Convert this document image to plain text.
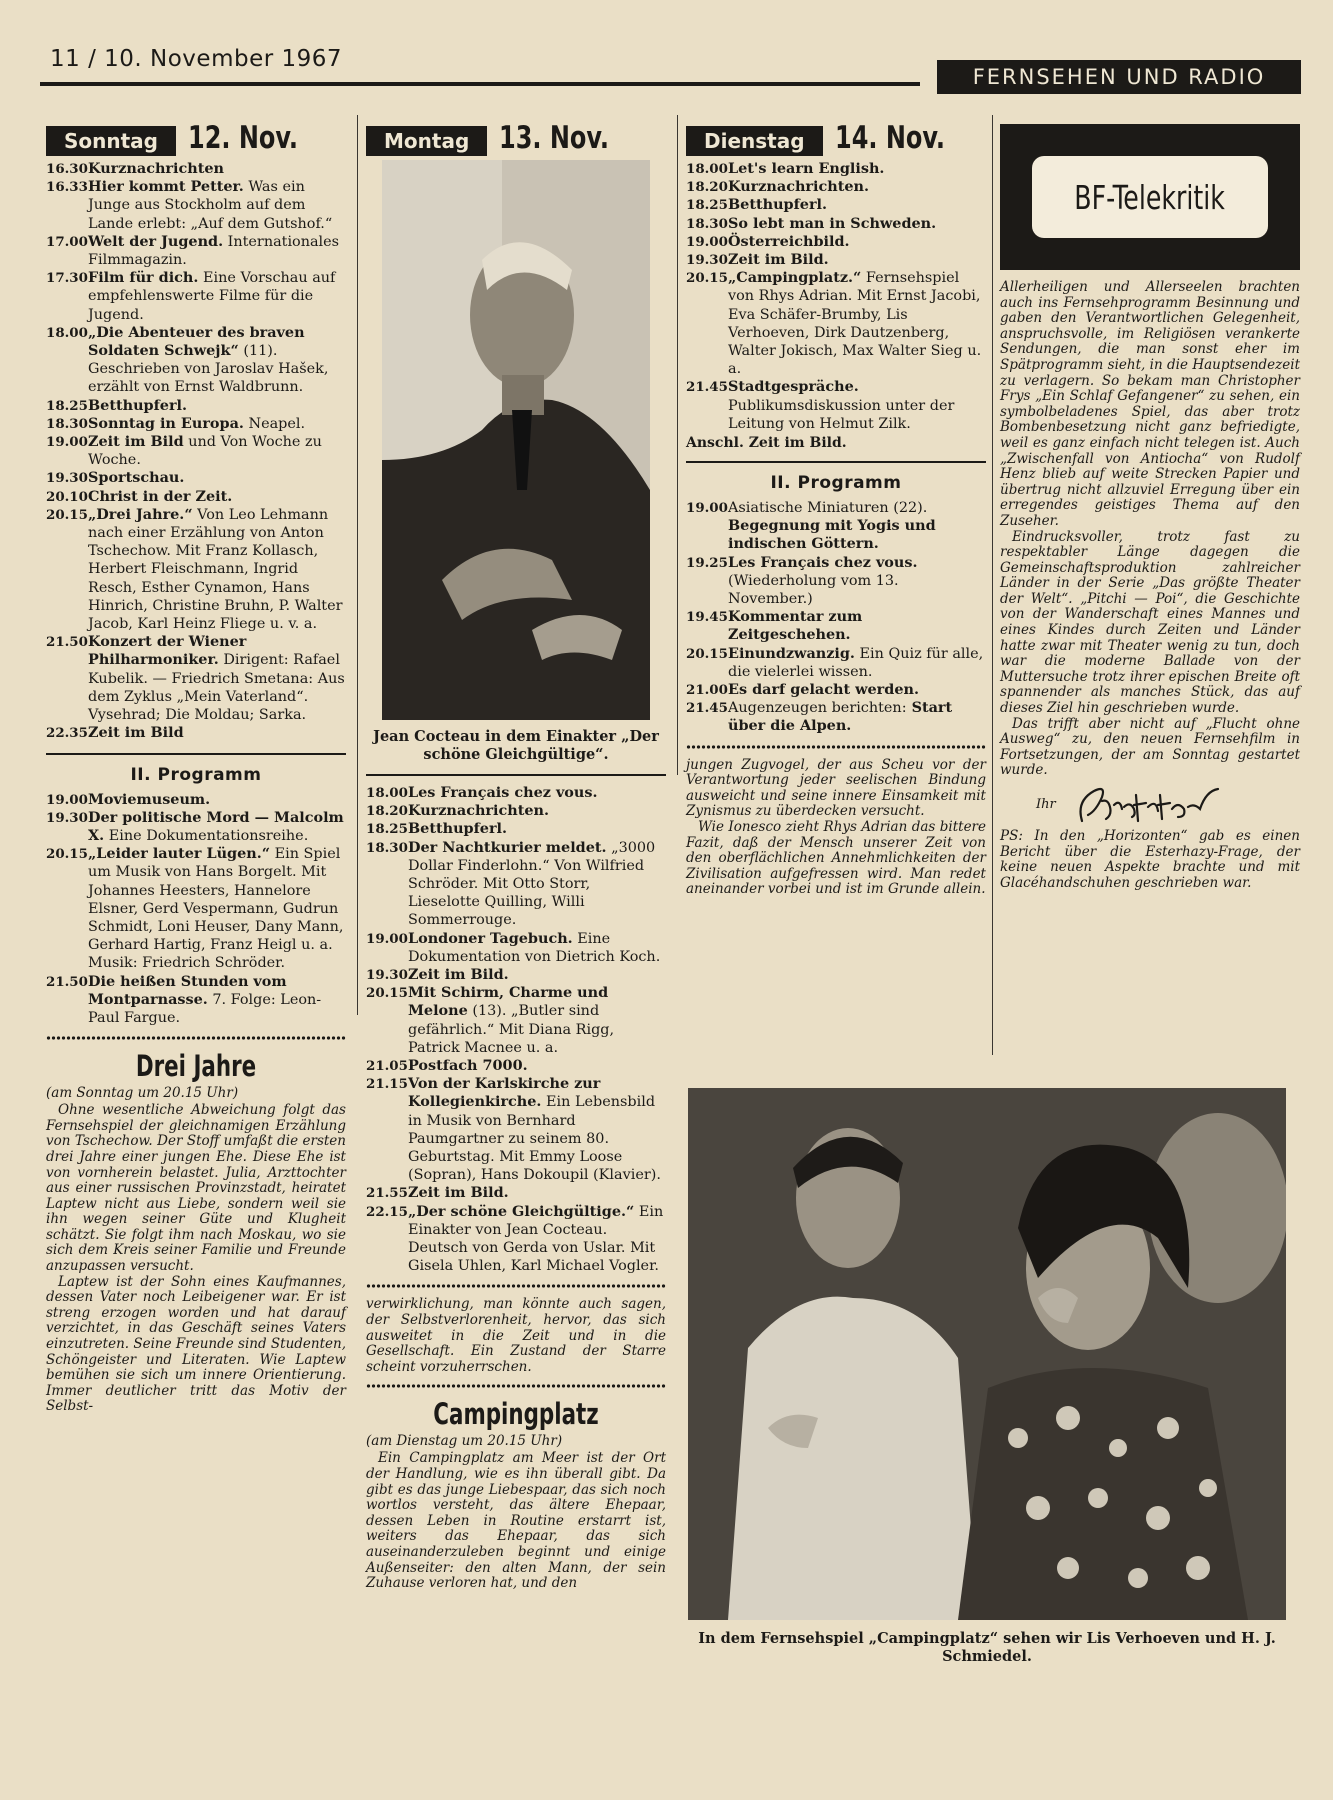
11 / 10. November 1967
FERNSEHEN UND RADIO
Sonntag 12. Nov.
16.30 Kurznachrichten
16.33 Hier kommt Petter. Was ein Junge aus Stockholm auf dem Lande erlebt: „Auf dem Gutshof.“
17.00 Welt der Jugend. Internationales Filmmagazin.
17.30 Film für dich. Eine Vorschau auf empfehlenswerte Filme für die Jugend.
18.00 „Die Abenteuer des braven Soldaten Schwejk“ (11). Geschrieben von Jaroslav Hašek, erzählt von Ernst Waldbrunn.
18.25 Betthupferl.
18.30 Sonntag in Europa. Neapel.
19.00 Zeit im Bild und Von Woche zu Woche.
19.30 Sportschau.
20.10 Christ in der Zeit.
20.15 „Drei Jahre.“ Von Leo Lehmann nach einer Erzählung von Anton Tschechow. Mit Franz Kollasch, Herbert Fleischmann, Ingrid Resch, Esther Cynamon, Hans Hinrich, Christine Bruhn, P. Walter Jacob, Karl Heinz Fliege u. v. a.
21.50 Konzert der Wiener Philharmoniker. Dirigent: Rafael Kubelik. — Friedrich Smetana: Aus dem Zyklus „Mein Vaterland“. Vysehrad; Die Moldau; Sarka.
22.35 Zeit im Bild
II. Programm
19.00 Moviemuseum.
19.30 Der politische Mord — Malcolm X. Eine Dokumentationsreihe.
20.15 „Leider lauter Lügen.“ Ein Spiel um Musik von Hans Borgelt. Mit Johannes Heesters, Hannelore Elsner, Gerd Vespermann, Gudrun Schmidt, Loni Heuser, Dany Mann, Gerhard Hartig, Franz Heigl u. a. Musik: Friedrich Schröder.
21.50 Die heißen Stunden vom Montparnasse. 7. Folge: Leon-Paul Fargue.
Drei Jahre
(am Sonntag um 20.15 Uhr)

Ohne wesentliche Abweichung folgt das Fernsehspiel der gleichnamigen Erzählung von Tschechow. Der Stoff umfaßt die ersten drei Jahre einer jungen Ehe. Diese Ehe ist von vornherein belastet. Julia, Arzttochter aus einer russischen Provinzstadt, heiratet Laptew nicht aus Liebe, sondern weil sie ihn wegen seiner Güte und Klugheit schätzt. Sie folgt ihm nach Moskau, wo sie sich dem Kreis seiner Familie und Freunde anzupassen versucht.

Laptew ist der Sohn eines Kaufmannes, dessen Vater noch Leibeigener war. Er ist streng erzogen worden und hat darauf verzichtet, in das Geschäft seines Vaters einzutreten. Seine Freunde sind Studenten, Schöngeister und Literaten. Wie Laptew bemühen sie sich um innere Orientierung. Immer deutlicher tritt das Motiv der Selbst-

Montag 13. Nov.
Jean Cocteau in dem Einakter „Der schöne Gleichgültige“.
18.00 Les Français chez vous.
18.20 Kurznachrichten.
18.25 Betthupferl.
18.30 Der Nachtkurier meldet. „3000 Dollar Finderlohn.“ Von Wilfried Schröder. Mit Otto Storr, Lieselotte Quilling, Willi Sommerrouge.
19.00 Londoner Tagebuch. Eine Dokumentation von Dietrich Koch.
19.30 Zeit im Bild.
20.15 Mit Schirm, Charme und Melone (13). „Butler sind gefährlich.“ Mit Diana Rigg, Patrick Macnee u. a.
21.05 Postfach 7000.
21.15 Von der Karlskirche zur Kollegienkirche. Ein Lebensbild in Musik von Bernhard Paumgartner zu seinem 80. Geburtstag. Mit Emmy Loose (Sopran), Hans Dokoupil (Klavier).
21.55 Zeit im Bild.
22.15 „Der schöne Gleichgültige.“ Ein Einakter von Jean Cocteau. Deutsch von Gerda von Uslar. Mit Gisela Uhlen, Karl Michael Vogler.

verwirklichung, man könnte auch sagen, der Selbstverlorenheit, hervor, das sich ausweitet in die Zeit und in die Gesellschaft. Ein Zustand der Starre scheint vorzuherrschen.

Campingplatz
(am Dienstag um 20.15 Uhr)

Ein Campingplatz am Meer ist der Ort der Handlung, wie es ihn überall gibt. Da gibt es das junge Liebespaar, das sich noch wortlos versteht, das ältere Ehepaar, dessen Leben in Routine erstarrt ist, weiters das Ehepaar, das sich auseinanderzuleben beginnt und einige Außenseiter: den alten Mann, der sein Zuhause verloren hat, und den

Dienstag 14. Nov.
18.00 Let's learn English.
18.20 Kurznachrichten.
18.25 Betthupferl.
18.30 So lebt man in Schweden.
19.00 Österreichbild.
19.30 Zeit im Bild.
20.15 „Campingplatz.“ Fernsehspiel von Rhys Adrian. Mit Ernst Jacobi, Eva Schäfer-Brumby, Lis Verhoeven, Dirk Dautzenberg, Walter Jokisch, Max Walter Sieg u. a.
21.45 Stadtgespräche. Publikumsdiskussion unter der Leitung von Helmut Zilk.
Anschl. Zeit im Bild.
II. Programm
19.00 Asiatische Miniaturen (22). Begegnung mit Yogis und indischen Göttern.
19.25 Les Français chez vous. (Wiederholung vom 13. November.)
19.45 Kommentar zum Zeitgeschehen.
20.15 Einundzwanzig. Ein Quiz für alle, die vielerlei wissen.
21.00 Es darf gelacht werden.
21.45 Augenzeugen berichten: Start über die Alpen.

jungen Zugvogel, der aus Scheu vor der Verantwortung jeder seelischen Bindung ausweicht und seine innere Einsamkeit mit Zynismus zu überdecken versucht.

Wie Ionesco zieht Rhys Adrian das bittere Fazit, daß der Mensch unserer Zeit von den oberflächlichen Annehmlichkeiten der Zivilisation aufgefressen wird. Man redet aneinander vorbei und ist im Grunde allein.

BF-Telekritik

Allerheiligen und Allerseelen brachten auch ins Fernsehprogramm Besinnung und gaben den Verantwortlichen Gelegenheit, anspruchsvolle, im Religiösen verankerte Sendungen, die man sonst eher im Spätprogramm sieht, in die Hauptsendezeit zu verlagern. So bekam man Christopher Frys „Ein Schlaf Gefangener“ zu sehen, ein symbolbeladenes Spiel, das aber trotz Bombenbesetzung nicht ganz befriedigte, weil es ganz einfach nicht telegen ist. Auch „Zwischenfall von Antiocha“ von Rudolf Henz blieb auf weite Strecken Papier und übertrug nicht allzuviel Erregung über ein erregendes geistiges Thema auf den Zuseher.

Eindrucksvoller, trotz fast zu respektabler Länge dagegen die Gemeinschaftsproduktion zahlreicher Länder in der Serie „Das größte Theater der Welt“. „Pitchi — Poi“, die Geschichte von der Wanderschaft eines Mannes und eines Kindes durch Zeiten und Länder hatte zwar mit Theater wenig zu tun, doch war die moderne Ballade von der Muttersuche trotz ihrer epischen Breite oft spannender als manches Stück, das auf dieses Ziel hin geschrieben wurde.

Das trifft aber nicht auf „Flucht ohne Ausweg“ zu, den neuen Fernsehfilm in Fortsetzungen, der am Sonntag gestartet wurde.

Ihr

PS: In den „Horizonten“ gab es einen Bericht über die Esterhazy-Frage, der keine neuen Aspekte brachte und mit Glacéhandschuhen geschrieben war.

In dem Fernsehspiel „Campingplatz“ sehen wir Lis Verhoeven und H. J. Schmiedel.
